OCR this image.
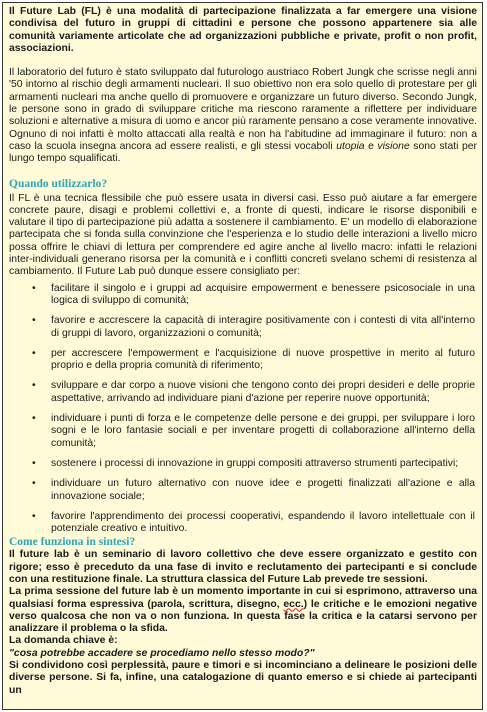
Il Future Lab (FL) è una modalità di partecipazione finalizzata a far emergere una visione condivisa del futuro in gruppi di cittadini e persone che possono appartenere sia alle comunità variamente articolate che ad organizzazioni pubbliche e private, profit o non profit, associazioni.

Il laboratorio del futuro è stato sviluppato dal futurologo austriaco Robert Jungk che scrisse negli anni '50 intorno al rischio degli armamenti nucleari. Il suo obiettivo non era solo quello di protestare per gli armamenti nucleari ma anche quello di promuovere e organizzare un futuro diverso. Secondo Jungk, le persone sono in grado di sviluppare critiche ma riescono raramente a riflettere per individuare soluzioni e alternative a misura di uomo e ancor più raramente pensano a cose veramente innovative. Ognuno di noi infatti è molto attaccati alla realtà e non ha l'abitudine ad immaginare il futuro: non a caso la scuola insegna ancora ad essere realisti, e gli stessi vocaboli utopia e visione sono stati per lungo tempo squalificati.

Quando utilizzarlo?

Il FL è una tecnica flessibile che può essere usata in diversi casi. Esso può aiutare a far emergere concrete paure, disagi e problemi collettivi e, a fronte di questi, indicare le risorse disponibili e valutare il tipo di partecipazione più adatta a sostenere il cambiamento. E' un modello di elaborazione partecipata che si fonda sulla convinzione che l'esperienza e lo studio delle interazioni a livello micro possa offrire le chiavi di lettura per comprendere ed agire anche al livello macro: infatti le relazioni inter-individuali generano risorsa per la comunità e i conflitti concreti svelano schemi di resistenza al cambiamento. Il Future Lab può dunque essere consigliato per:

• facilitare il singolo e i gruppi ad acquisire empowerment e benessere psicosociale in una logica di sviluppo di comunità;
• favorire e accrescere la capacità di interagire positivamente con i contesti di vita all'interno di gruppi di lavoro, organizzazioni o comunità;
• per accrescere l'empowerment e l'acquisizione di nuove prospettive in merito al futuro proprio e della propria comunità di riferimento;
• sviluppare e dar corpo a nuove visioni che tengono conto dei propri desideri e delle proprie aspettative, arrivando ad individuare piani d'azione per reperire nuove opportunità;
• individuare i punti di forza e le competenze delle persone e dei gruppi, per sviluppare i loro sogni e le loro fantasie sociali e per inventare progetti di collaborazione all'interno della comunità;
• sostenere i processi di innovazione in gruppi compositi attraverso strumenti partecipativi;
• individuare un futuro alternativo con nuove idee e progetti finalizzati all'azione e alla innovazione sociale;
• favorire l'apprendimento dei processi cooperativi, espandendo il lavoro intellettuale con il potenziale creativo e intuitivo.
Come funziona in sintesi?

Il future lab è un seminario di lavoro collettivo che deve essere organizzato e gestito con rigore; esso è preceduto da una fase di invito e reclutamento dei partecipanti e si conclude con una restituzione finale. La struttura classica del Future Lab prevede tre sessioni.

La prima sessione del future lab è un momento importante in cui si esprimono, attraverso una qualsiasi forma espressiva (parola, scrittura, disegno, ecc.) le critiche e le emozioni negative verso qualcosa che non va o non funziona. In questa fase la critica e la catarsi servono per analizzare il problema o la sfida.

La domanda chiave è:

"cosa potrebbe accadere se procediamo nello stesso modo?"

Si condividono così perplessità, paure e timori e si incominciano a delineare le posizioni delle diverse persone. Si fa, infine, una catalogazione di quanto emerso e si chiede ai partecipanti un
